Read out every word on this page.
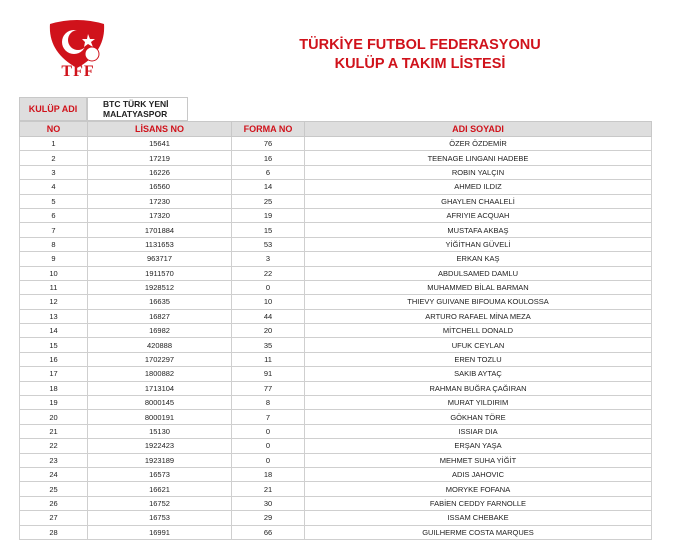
TFF
TÜRKİYE FUTBOL FEDERASYONU
KULÜP A TAKIM LİSTESİ
KULÜP ADI	BTC TÜRK YENİ
MALATYASPOR
NO	LİSANS NO	FORMA NO	ADI SOYADI
1	15641	76	ÖZER ÖZDEMİR
2	17219	16	TEENAGE LINGANI HADEBE
3	16226	6	ROBIN YALÇIN
4	16560	14	AHMED ILDIZ
5	17230	25	GHAYLEN CHAALELİ
6	17320	19	AFRIYIE ACQUAH
7	1701884	15	MUSTAFA AKBAŞ
8	1131653	53	YİĞİTHAN GÜVELİ
9	963717	3	ERKAN KAŞ
10	1911570	22	ABDULSAMED DAMLU
11	1928512	0	MUHAMMED BİLAL BARMAN
12	16635	10	THIEVY GUIVANE BIFOUMA KOULOSSA
13	16827	44	ARTURO RAFAEL MİNA MEZA
14	16982	20	MİTCHELL DONALD
15	420888	35	UFUK CEYLAN
16	1702297	11	EREN TOZLU
17	1800882	91	SAKIB AYTAÇ
18	1713104	77	RAHMAN BUĞRA ÇAĞIRAN
19	8000145	8	MURAT YILDIRIM
20	8000191	7	GÖKHAN TÖRE
21	15130	0	ISSIAR DIA
22	1922423	0	ERŞAN YAŞA
23	1923189	0	MEHMET SUHA YİĞİT
24	16573	18	ADIS JAHOVIC
25	16621	21	MORYKE FOFANA
26	16752	30	FABİEN CEDDY FARNOLLE
27	16753	29	ISSAM CHEBAKE
28	16991	66	GUILHERME COSTA MARQUES
